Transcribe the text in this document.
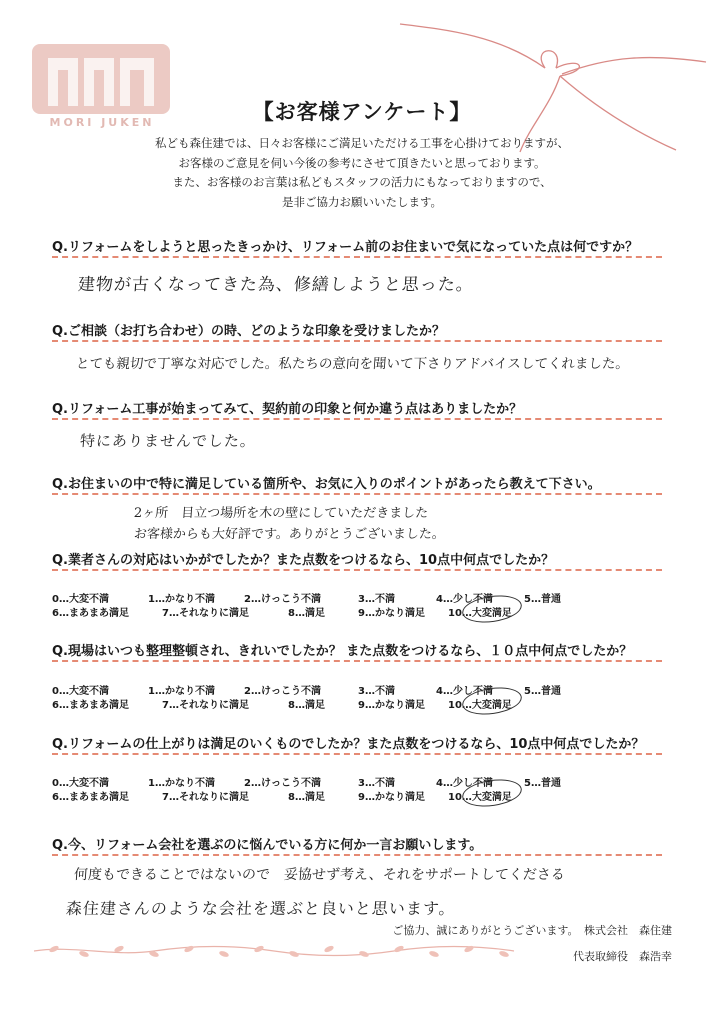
MORI JUKEN	【お客様アンケート】
私ども森住建では、日々お客様にご満足いただける工事を心掛けておりますが、
お客様のご意見を伺い今後の参考にさせて頂きたいと思っております。
また、お客様のお言葉は私どもスタッフの活力にもなっておりますので、
是非ご協力お願いいたします。
Q.リフォームをしようと思ったきっかけ、リフォーム前のお住まいで気になっていた点は何ですか？
建物が古くなってきた為、修繕しようと思った。
Q.ご相談（お打ち合わせ）の時、どのような印象を受けましたか？
とても親切で丁寧な対応でした。私たちの意向を聞いて下さりアドバイスしてくれました。
Q.リフォーム工事が始まってみて、契約前の印象と何か違う点はありましたか？
特にありませんでした。
Q.お住まいの中で特に満足している箇所や、お気に入りのポイントがあったら教えて下さい。
2ヶ所　目立つ場所を木の壁にしていただきました
お客様からも大好評です。ありがとうございました。
Q.業者さんの対応はいかがでしたか？また点数をつけるなら、10点中何点でしたか？
0…大変不満	1…かなり不満	2…けっこう不満	3…不満	4…少し不満	5…普通
6…まあまあ満足	7…それなりに満足	8…満足	9…かなり満足 10…大変満足
Q.現場はいつも整理整頓され、きれいでしたか？ また点数をつけるなら、１０点中何点でしたか？
0…大変不満	1…かなり不満	2…けっこう不満	3…不満	4…少し不満	5…普通
6…まあまあ満足	7…それなりに満足	8…満足	9…かなり満足 10…大変満足
Q.リフォームの仕上がりは満足のいくものでしたか？また点数をつけるなら、10点中何点でしたか？
0…大変不満	1…かなり不満	2…けっこう不満	3…不満	4…少し不満	5…普通
6…まあまあ満足	7…それなりに満足	8…満足	9…かなり満足 10…大変満足
Q.今、リフォーム会社を選ぶのに悩んでいる方に何か一言お願いします。
何度もできることではないので　妥協せず考え、それをサポートしてくださる
森住建さんのような会社を選ぶと良いと思います。
ご協力、誠にありがとうございます。　株式会社　森住建
代表取締役　森浩幸
